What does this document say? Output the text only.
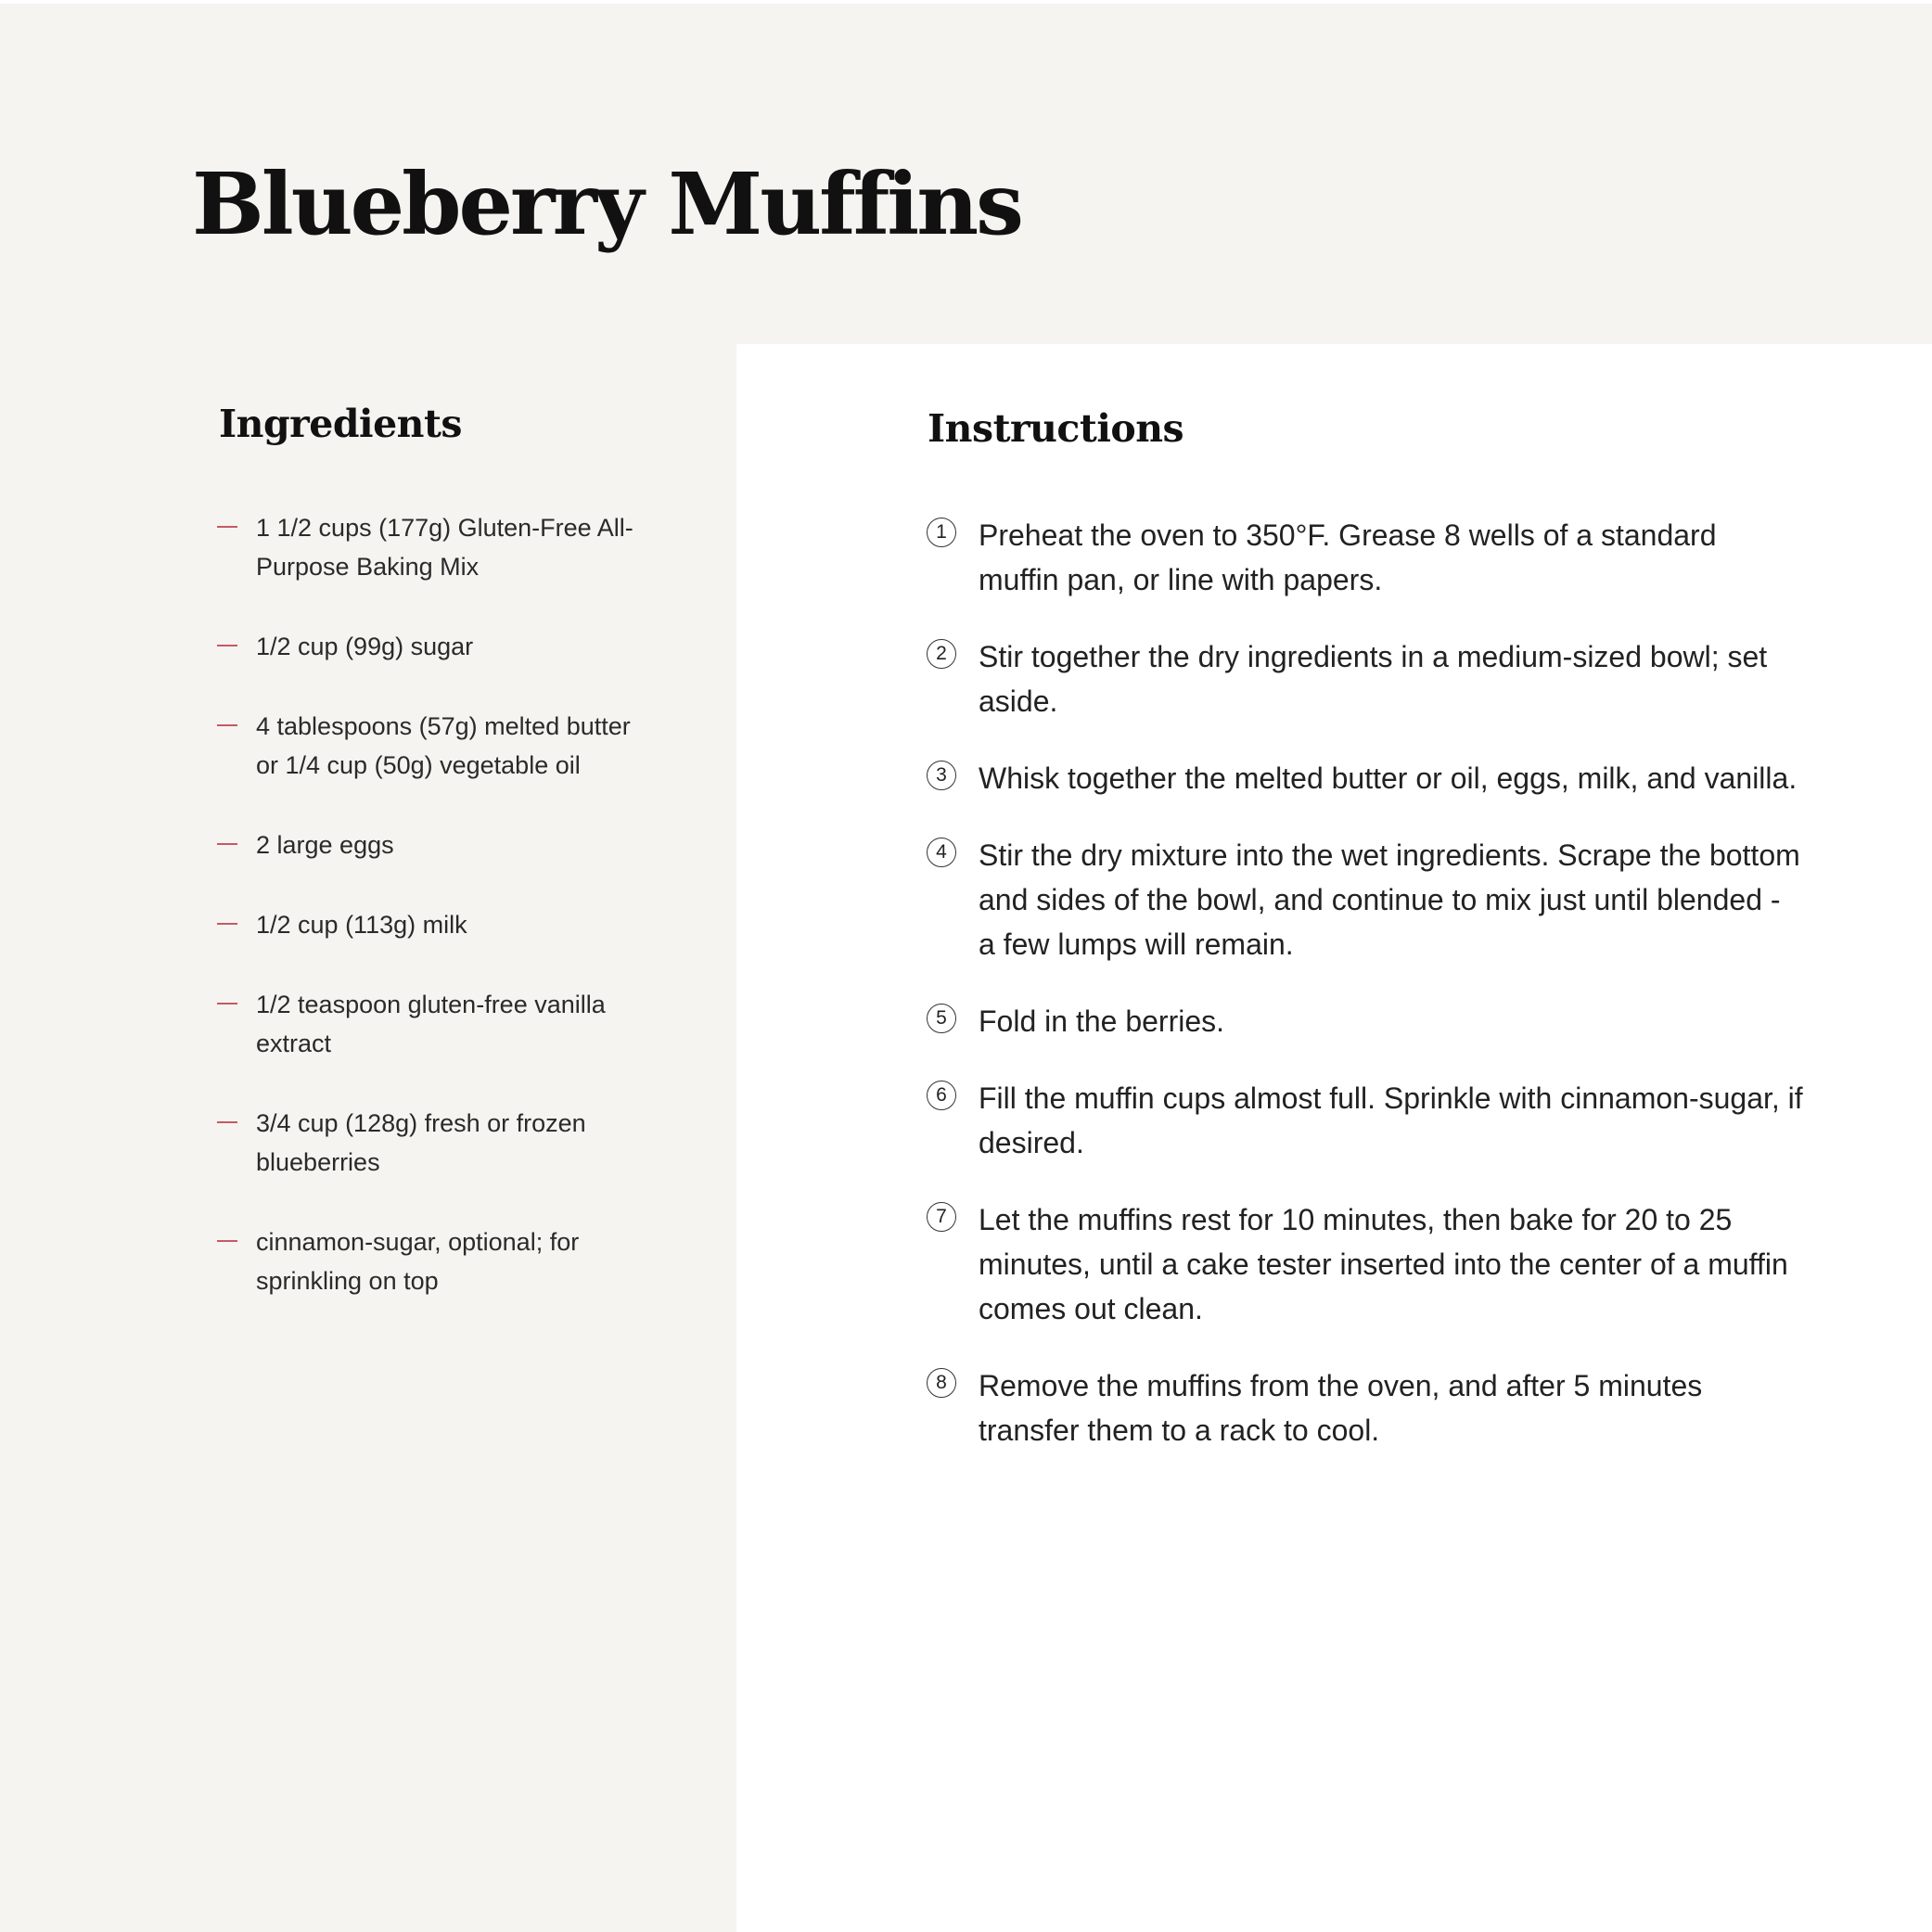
Blueberry Muffins
Ingredients
1 1/2 cups (177g) Gluten-Free All-Purpose Baking Mix
1/2 cup (99g) sugar
4 tablespoons (57g) melted butter or 1/4 cup (50g) vegetable oil
2 large eggs
1/2 cup (113g) milk
1/2 teaspoon gluten-free vanilla extract
3/4 cup (128g) fresh or frozen blueberries
cinnamon-sugar, optional; for sprinkling on top
Instructions
1	Preheat the oven to 350°F. Grease 8 wells of a standard muffin pan, or line with papers.
2	Stir together the dry ingredients in a medium-sized bowl; set aside.
3	Whisk together the melted butter or oil, eggs, milk, and vanilla.
4	Stir the dry mixture into the wet ingredients. Scrape the bottom and sides of the bowl, and continue to mix just until blended - a few lumps will remain.
5	Fold in the berries.
6	Fill the muffin cups almost full. Sprinkle with cinnamon-sugar, if desired.
7	Let the muffins rest for 10 minutes, then bake for 20 to 25 minutes, until a cake tester inserted into the center of a muffin comes out clean.
8	Remove the muffins from the oven, and after 5 minutes transfer them to a rack to cool.
